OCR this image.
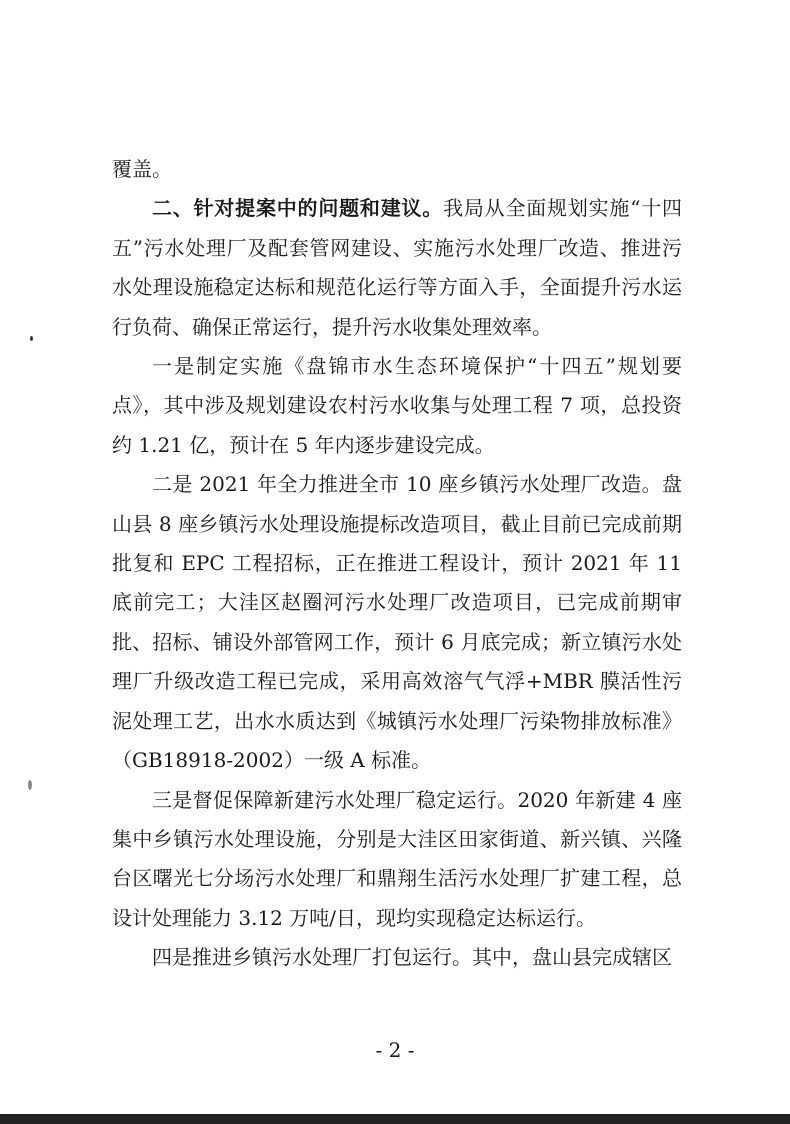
覆盖。

二、针对提案中的问题和建议。我局从全面规划实施“十四五”污水处理厂及配套管网建设、实施污水处理厂改造、推进污水处理设施稳定达标和规范化运行等方面入手，全面提升污水运行负荷、确保正常运行，提升污水收集处理效率。

一是制定实施《盘锦市水生态环境保护“十四五”规划要点》，其中涉及规划建设农村污水收集与处理工程 7 项，总投资约 1.21 亿，预计在 5 年内逐步建设完成。

二是 2021 年全力推进全市 10 座乡镇污水处理厂改造。盘山县 8 座乡镇污水处理设施提标改造项目，截止目前已完成前期批复和 EPC 工程招标，正在推进工程设计，预计 2021 年 11 底前完工；大洼区赵圈河污水处理厂改造项目，已完成前期审批、招标、铺设外部管网工作，预计 6 月底完成；新立镇污水处理厂升级改造工程已完成，采用高效溶气气浮+MBR 膜活性污泥处理工艺，出水水质达到《城镇污水处理厂污染物排放标准》（GB18918-2002）一级 A 标准。

三是督促保障新建污水处理厂稳定运行。2020 年新建 4 座集中乡镇污水处理设施，分别是大洼区田家街道、新兴镇、兴隆台区曙光七分场污水处理厂和鼎翔生活污水处理厂扩建工程，总设计处理能力 3.12 万吨/日，现均实现稳定达标运行。

四是推进乡镇污水处理厂打包运行。其中，盘山县完成辖区

- 2 -
